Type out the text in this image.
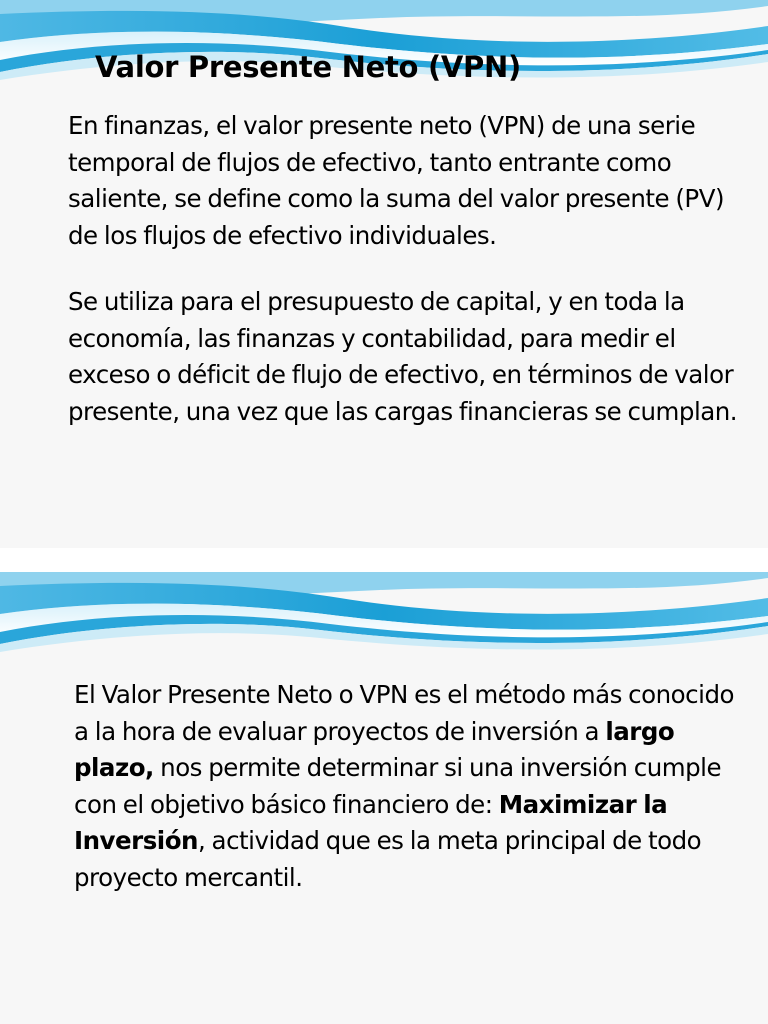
Valor Presente Neto (VPN)

En finanzas, el valor presente neto (VPN) de una serie temporal de flujos de efectivo, tanto entrante como saliente, se define como la suma del valor presente (PV) de los flujos de efectivo individuales.

Se utiliza para el presupuesto de capital, y en toda la economía, las finanzas y contabilidad, para medir el exceso o déficit de flujo de efectivo, en términos de valor presente, una vez que las cargas financieras se cumplan.

El Valor Presente Neto o VPN es el método más conocido a la hora de evaluar proyectos de inversión a largo plazo, nos permite determinar si una inversión cumple con el objetivo básico financiero de: Maximizar la Inversión, actividad que es la meta principal de todo proyecto mercantil.
